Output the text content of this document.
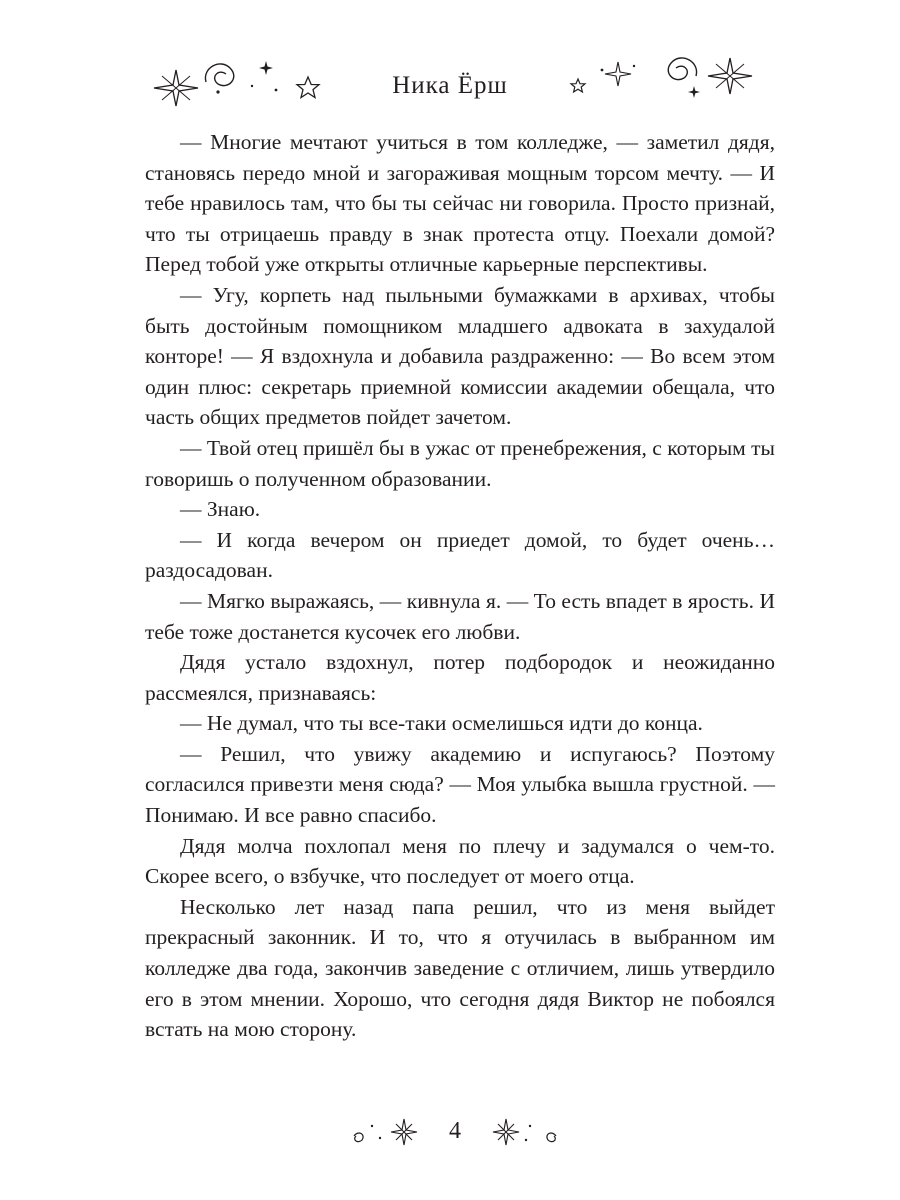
Ника Ёрш

— Многие мечтают учиться в том колледже, — заметил дядя, становясь передо мной и загораживая мощным торсом мечту. — И тебе нравилось там, что бы ты сейчас ни говорила. Просто признай, что ты отрицаешь правду в знак протеста отцу. Поехали домой? Перед тобой уже открыты отличные карьерные перспективы.

— Угу, корпеть над пыльными бумажками в архивах, чтобы быть достойным помощником младшего адвоката в захудалой конторе! — Я вздохнула и добавила раздраженно: — Во всем этом один плюс: секретарь приемной комиссии академии обещала, что часть общих предметов пойдет зачетом.

— Твой отец пришёл бы в ужас от пренебрежения, с которым ты говоришь о полученном образовании.

— Знаю.

— И когда вечером он приедет домой, то будет очень… раздосадован.

— Мягко выражаясь, — кивнула я. — То есть впадет в ярость. И тебе тоже достанется кусочек его любви.

Дядя устало вздохнул, потер подбородок и неожиданно рассмеялся, признаваясь:

— Не думал, что ты все-таки осмелишься идти до конца.

— Решил, что увижу академию и испугаюсь? Поэтому согласился привезти меня сюда? — Моя улыбка вышла грустной. — Понимаю. И все равно спасибо.

Дядя молча похлопал меня по плечу и задумался о чем-то. Скорее всего, о взбучке, что последует от моего отца.

Несколько лет назад папа решил, что из меня выйдет прекрасный законник. И то, что я отучилась в выбранном им колледже два года, закончив заведение с отличием, лишь утвердило его в этом мнении. Хорошо, что сегодня дядя Виктор не побоялся встать на мою сторону.

4
